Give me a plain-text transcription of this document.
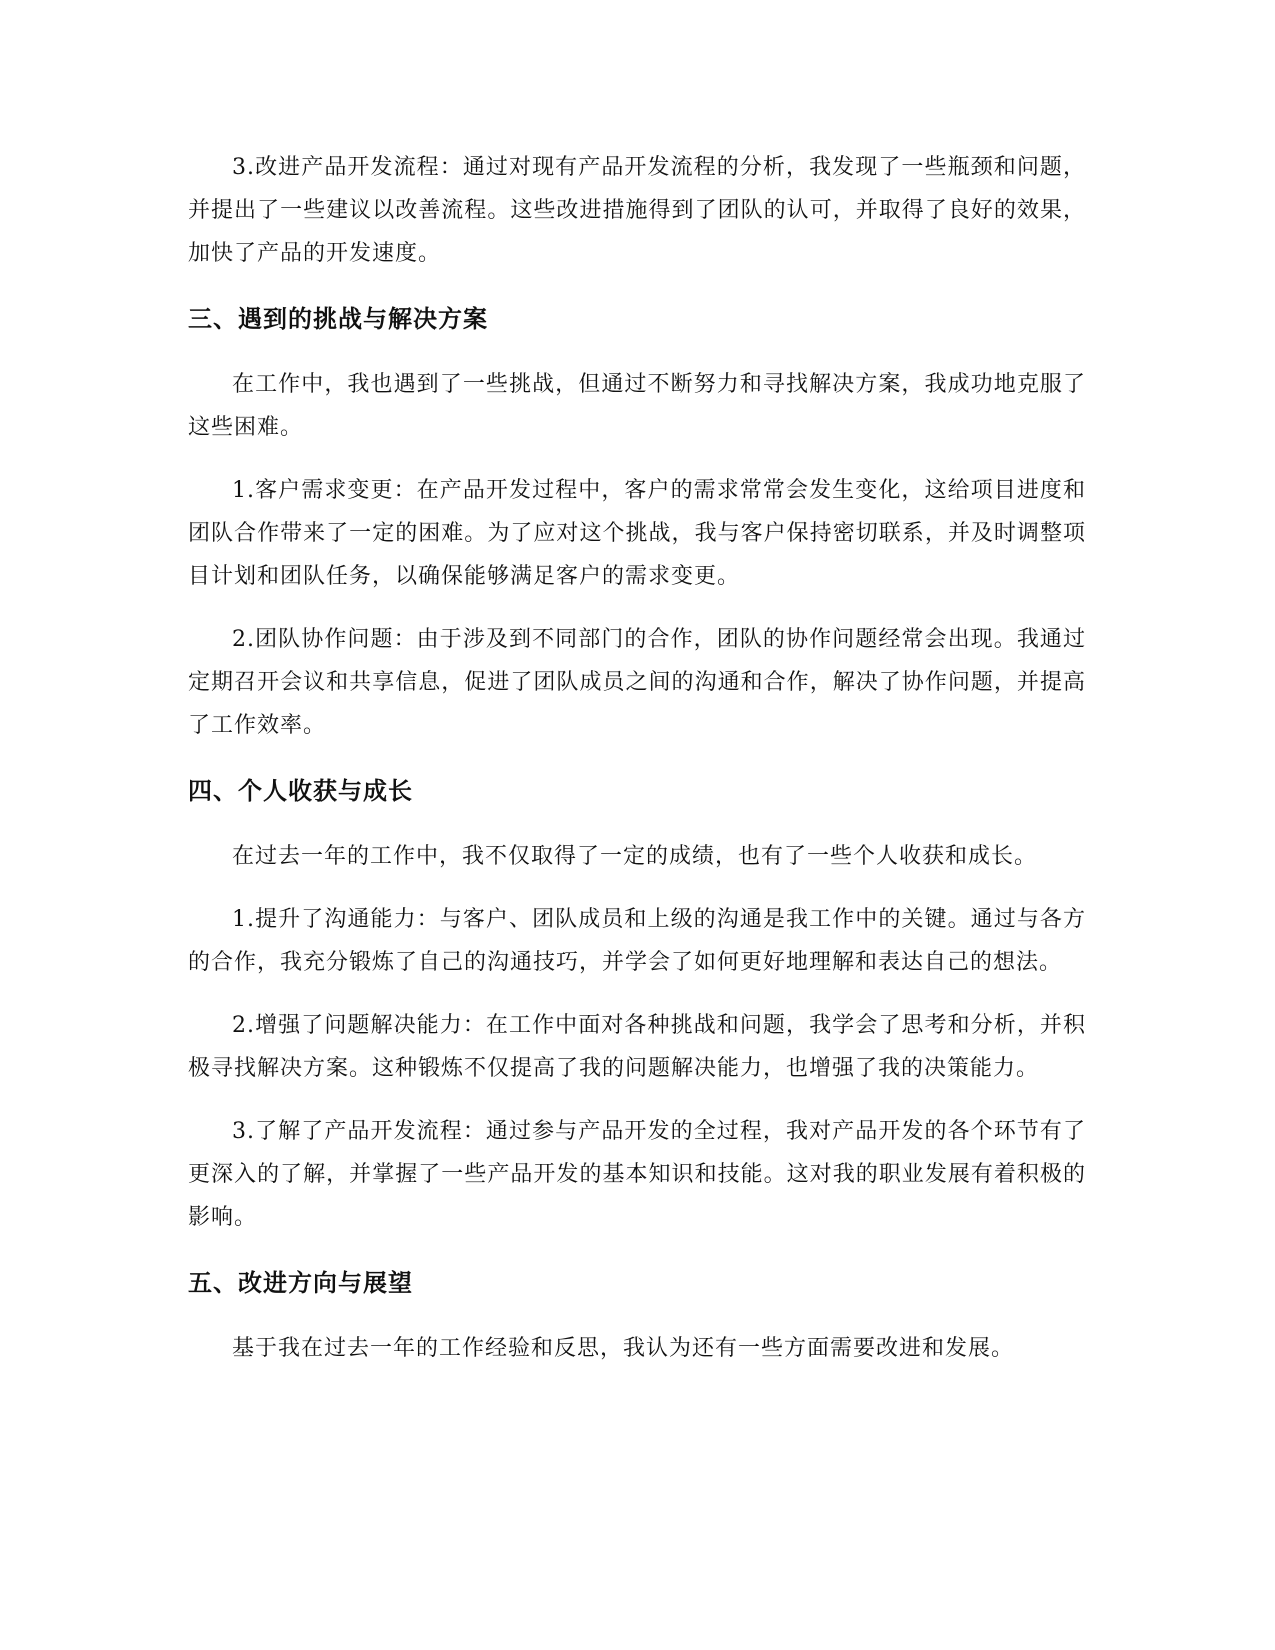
3.改进产品开发流程：通过对现有产品开发流程的分析，我发现了一些瓶颈和问题，并提出了一些建议以改善流程。这些改进措施得到了团队的认可，并取得了良好的效果，加快了产品的开发速度。

三、遇到的挑战与解决方案

在工作中，我也遇到了一些挑战，但通过不断努力和寻找解决方案，我成功地克服了这些困难。

1.客户需求变更：在产品开发过程中，客户的需求常常会发生变化，这给项目进度和团队合作带来了一定的困难。为了应对这个挑战，我与客户保持密切联系，并及时调整项目计划和团队任务，以确保能够满足客户的需求变更。

2.团队协作问题：由于涉及到不同部门的合作，团队的协作问题经常会出现。我通过定期召开会议和共享信息，促进了团队成员之间的沟通和合作，解决了协作问题，并提高了工作效率。

四、个人收获与成长

在过去一年的工作中，我不仅取得了一定的成绩，也有了一些个人收获和成长。

1.提升了沟通能力：与客户、团队成员和上级的沟通是我工作中的关键。通过与各方的合作，我充分锻炼了自己的沟通技巧，并学会了如何更好地理解和表达自己的想法。

2.增强了问题解决能力：在工作中面对各种挑战和问题，我学会了思考和分析，并积极寻找解决方案。这种锻炼不仅提高了我的问题解决能力，也增强了我的决策能力。

3.了解了产品开发流程：通过参与产品开发的全过程，我对产品开发的各个环节有了更深入的了解，并掌握了一些产品开发的基本知识和技能。这对我的职业发展有着积极的影响。

五、改进方向与展望

基于我在过去一年的工作经验和反思，我认为还有一些方面需要改进和发展。
